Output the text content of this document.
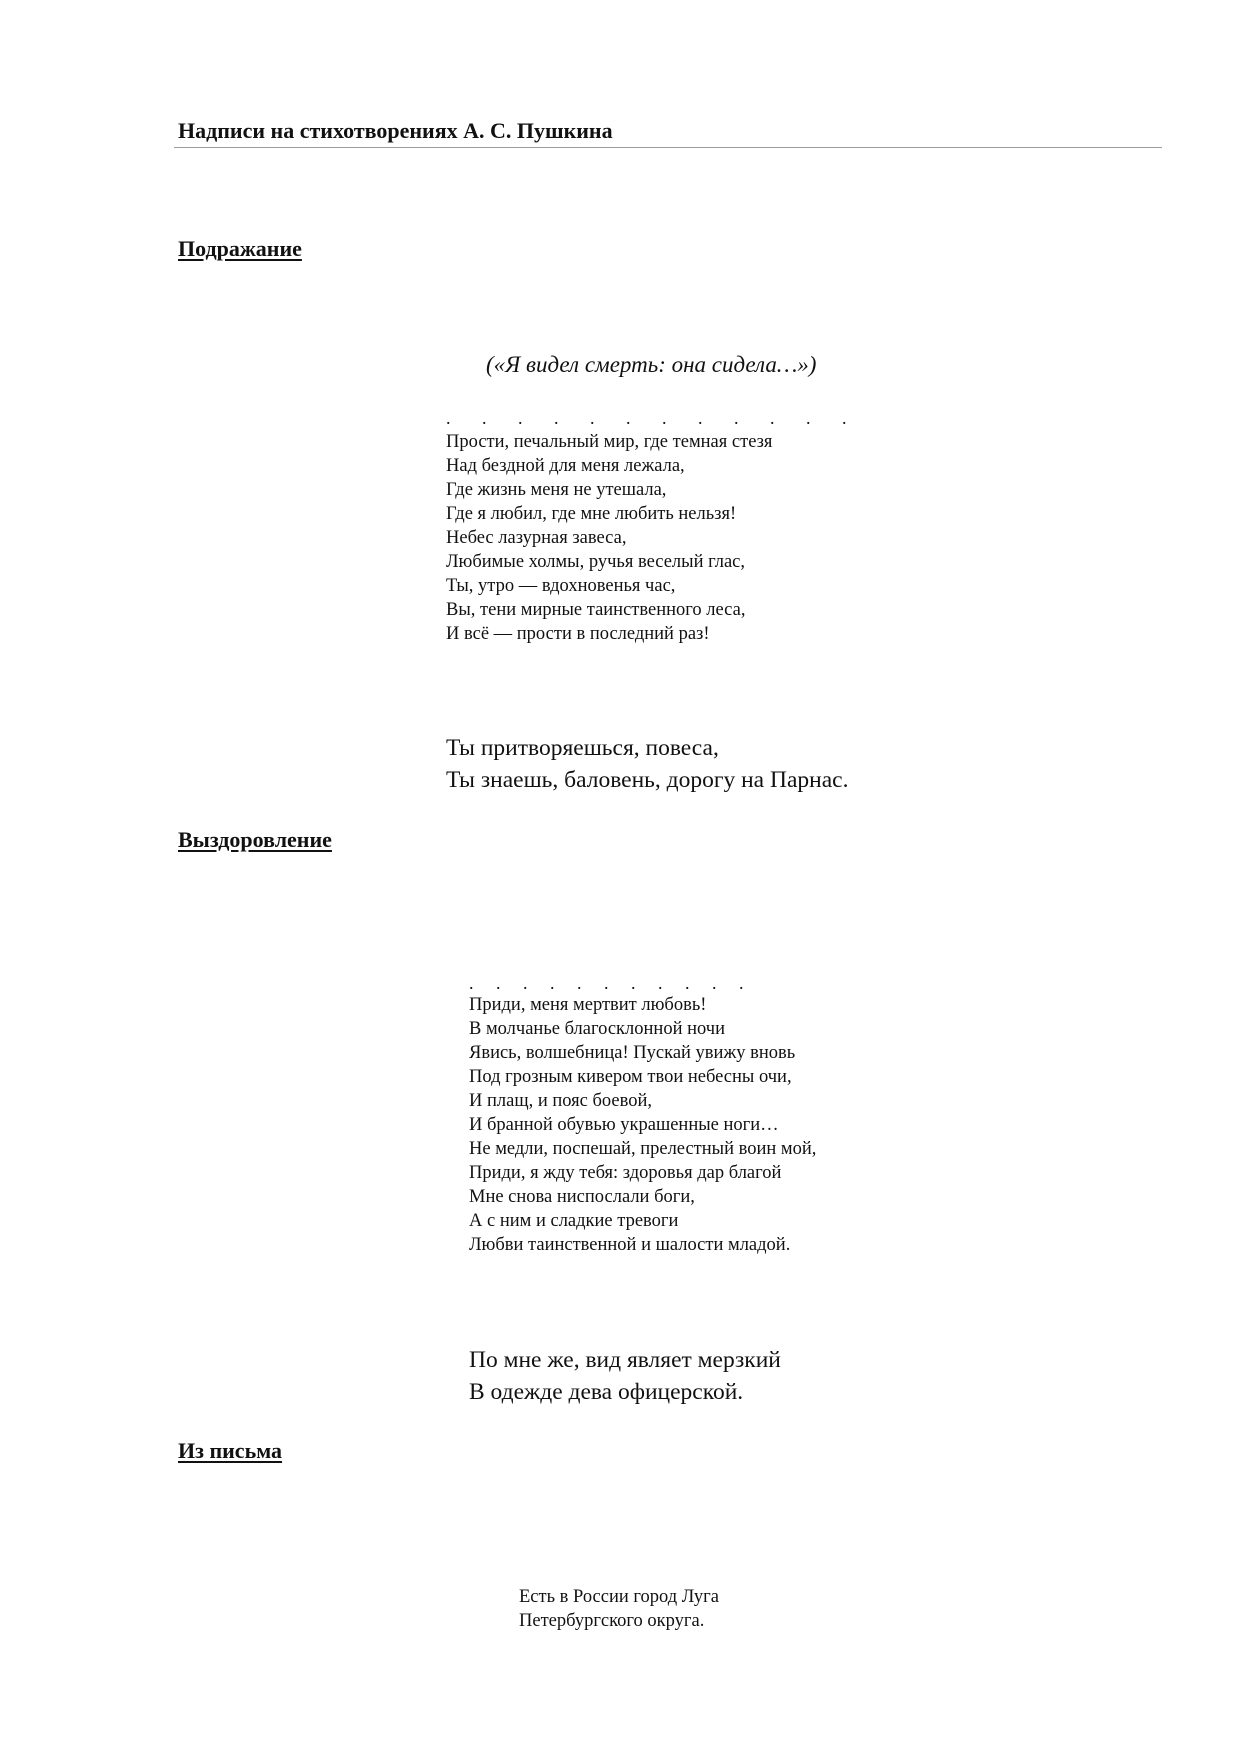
Надписи на стихотворениях А. С. Пушкина
Подражание
(«Я видел смерть: она сидела…»)
.       .       .       .       .       .       .       .       .       .       .       .
Прости, печальный мир, где темная стезя
Над бездной для меня лежала,
Где жизнь меня не утешала,
Где я любил, где мне любить нельзя!
Небес лазурная завеса,
Любимые холмы, ручья веселый глас,
Ты, утро — вдохновенья час,
Вы, тени мирные таинственного леса,
И всё — прости в последний раз!
Ты притворяешься, повеса,
Ты знаешь, баловень, дорогу на Парнас.
Выздоровление
.     .     .     .     .     .     .     .     .     .     .
Приди, меня мертвит любовь!
В молчанье благосклонной ночи
Явись, волшебница! Пускай увижу вновь
Под грозным кивером твои небесны очи,
И плащ, и пояс боевой,
И бранной обувью украшенные ноги…
Не медли, поспешай, прелестный воин мой,
Приди, я жду тебя: здоровья дар благой
Мне снова ниспослали боги,
А с ним и сладкие тревоги
Любви таинственной и шалости младой.
По мне же, вид являет мерзкий
В одежде дева офицерской.
Из письма
Есть в России город Луга
Петербургского округа.
